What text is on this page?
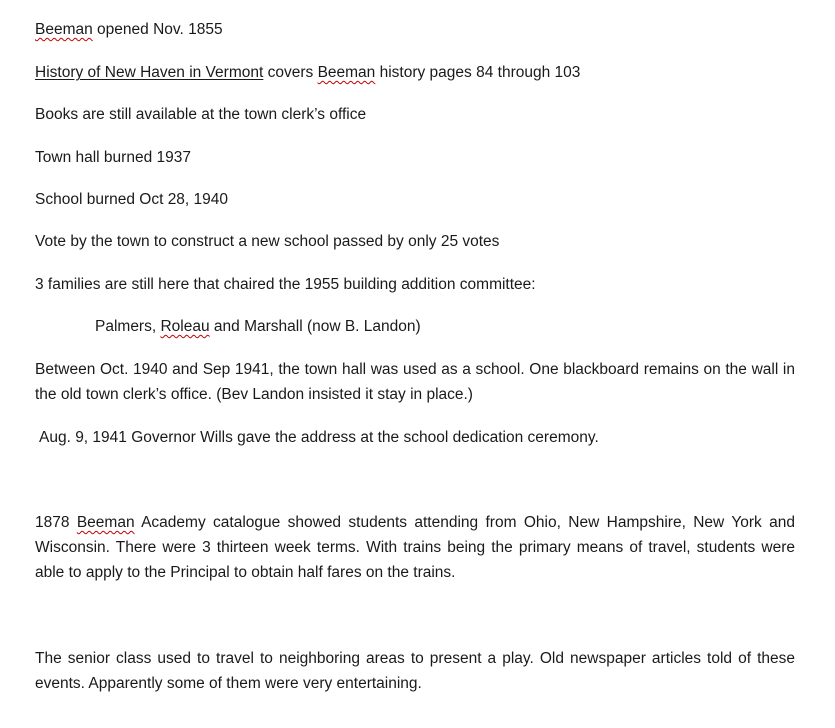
Beeman opened Nov. 1855
History of New Haven in Vermont covers Beeman history pages 84 through 103
Books are still available at the town clerk’s office
Town hall burned 1937
School burned Oct 28, 1940
Vote by the town to construct a new school passed by only 25 votes
3 families are still here that chaired the 1955 building addition committee:
Palmers, Roleau and Marshall (now B. Landon)
Between Oct. 1940 and Sep 1941, the town hall was used as a school. One blackboard remains on the wall in the old town clerk’s office. (Bev Landon insisted it stay in place.)
Aug. 9, 1941 Governor Wills gave the address at the school dedication ceremony.
1878 Beeman Academy catalogue showed students attending from Ohio, New Hampshire, New York and Wisconsin. There were 3 thirteen week terms. With trains being the primary means of travel, students were able to apply to the Principal to obtain half fares on the trains.
The senior class used to travel to neighboring areas to present a play. Old newspaper articles told of these events. Apparently some of them were very entertaining.
